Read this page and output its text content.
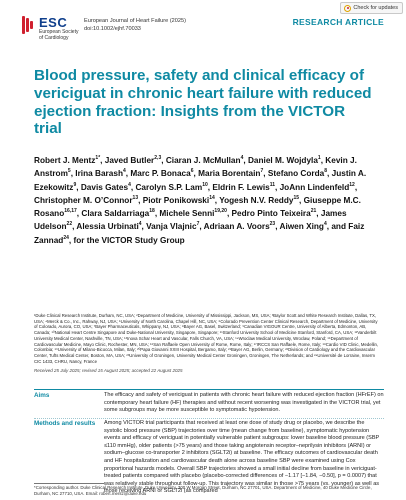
Check for updates
ESC
European Society
of Cardiology
European Journal of Heart Failure (2025)
doi:10.1002/ejhf.70033
RESEARCH ARTICLE
Blood pressure, safety and clinical efficacy of vericiguat in chronic heart failure with reduced ejection fraction: Insights from the VICTOR trial

Robert J. Mentz$^{1*}$, Javed Butler$^{2,3}$, Ciaran J. McMullan$^4$, Daniel M. Wojdyla$^1$, Kevin J. Anstrom$^5$, Irina Barash$^4$, Marc P. Bonaca$^6$, Maria Borentain$^7$, Stefano Corda$^8$, Justin A. Ezekowitz$^9$, Davis Gates$^4$, Carolyn S.P. Lam$^{10}$, Eldrin F. Lewis$^{11}$, JoAnn Lindenfeld$^{12}$, Christopher M. O’Connor$^{13}$, Piotr Ponikowski$^{14}$, Yogesh N.V. Reddy$^{15}$, Giuseppe M.C. Rosano$^{16,17}$, Clara Saldarriaga$^{18}$, Michele Senni$^{19,20}$, Pedro Pinto Teixeira$^{21}$, James Udelson$^{22}$, Alessia Urbinati$^4$, Vanja Vlajnic$^7$, Adriaan A. Voors$^{23}$, Aiwen Xing$^4$, and Faiz Zannad$^{24}$, for the VICTOR Study Group

¹Duke Clinical Research Institute, Durham, NC, USA; ²Department of Medicine, University of Mississippi, Jackson, MS, USA; ³Baylor Scott and White Research Institute, Dallas, TX, USA; ⁴Merck & Co., Inc., Rahway, NJ, USA; ⁵University of North Carolina, Chapel Hill, NC, USA; ⁶Colorado Prevention Center Clinical Research, Department of Medicine, University of Colorado, Aurora, CO, USA; ⁷Bayer Pharmaceuticals, Whippany, NJ, USA; ⁸Bayer AG, Basel, Switzerland; ⁹Canadian VIGOUR Centre, University of Alberta, Edmonton, AB, Canada; ¹⁰National Heart Centre Singapore and Duke-National University, Singapore, Singapore; ¹¹Stanford University School of Medicine Stanford, Stanford, CA, USA; ¹²Vanderbilt University Medical Center, Nashville, TN, USA; ¹³Inova Schar Heart and Vascular, Falls Church, VA, USA; ¹⁴Wroclaw Medical University, Wroclaw, Poland; ¹⁵Department of Cardiovascular Medicine, Mayo Clinic, Rochester, MN, USA; ¹⁶San Raffaele Open University of Rome, Rome, Italy; ¹⁷IRCCS San Raffaele, Rome, Italy; ¹⁸Cardio VID Clinic, Medellin, Colombia; ¹⁹University of Milano-Bicocca, Milan, Italy; ²⁰Papa Giovanni XXIII Hospital, Bergamo, Italy; ²¹Bayer AG, Berlin, Germany; ²²Division of Cardiology and the Cardiovascular Center, Tufts Medical Center, Boston, MA, USA; ²³University of Groningen, University Medical Center Groningen, Groningen, The Netherlands; and ²⁴Université de Lorraine, Inserm CIC 1433, CHRU, Nancy, France

Received 25 July 2025; revised 15 August 2025; accepted 22 August 2025
Aims	The efficacy and safety of vericiguat in patients with chronic heart failure with reduced ejection fraction (HFrEF) on contemporary heart failure (HF) therapies and without recent worsening was investigated in the VICTOR trial, yet some subgroups may be more susceptible to symptomatic hypotension.
Methods and results	Among VICTOR trial participants that received at least one dose of study drug or placebo, we describe the systolic blood pressure (SBP) trajectories over time (mean change from baseline), symptomatic hypotension events and efficacy of vericiguat in potentially vulnerable patient subgroups: lower baseline blood pressure (SBP ≤110 mmHg), older patients (>75 years) and those taking angiotensin receptor–neprilysin inhibitors (ARNI) or sodium–glucose co-transporter 2 inhibitors (SGLT2i) at baseline. The efficacy outcomes of cardiovascular death and HF hospitalization and cardiovascular death alone across baseline SBP were examined using Cox proportional hazards models. Overall SBP trajectories showed a small initial decline from baseline in vericiguat-treated patients compared with placebo (placebo-corrected differences of −1.17 [−1.84, −0.50], p = 0.0007) that was relatively stable throughout follow-up. This trajectory was similar in those >75 years (vs. younger) as well as those receiving ARNI or SGLT2i (as compared
*Corresponding author. Duke Clinical Research Institute, Duke University, 300 W Morgan Street, Durham, NC 27701, USA. Department of Medicine, 40 Duke Medicine Circle, Durham, NC 27710, USA. Email: robert.mentz@duke.edu
